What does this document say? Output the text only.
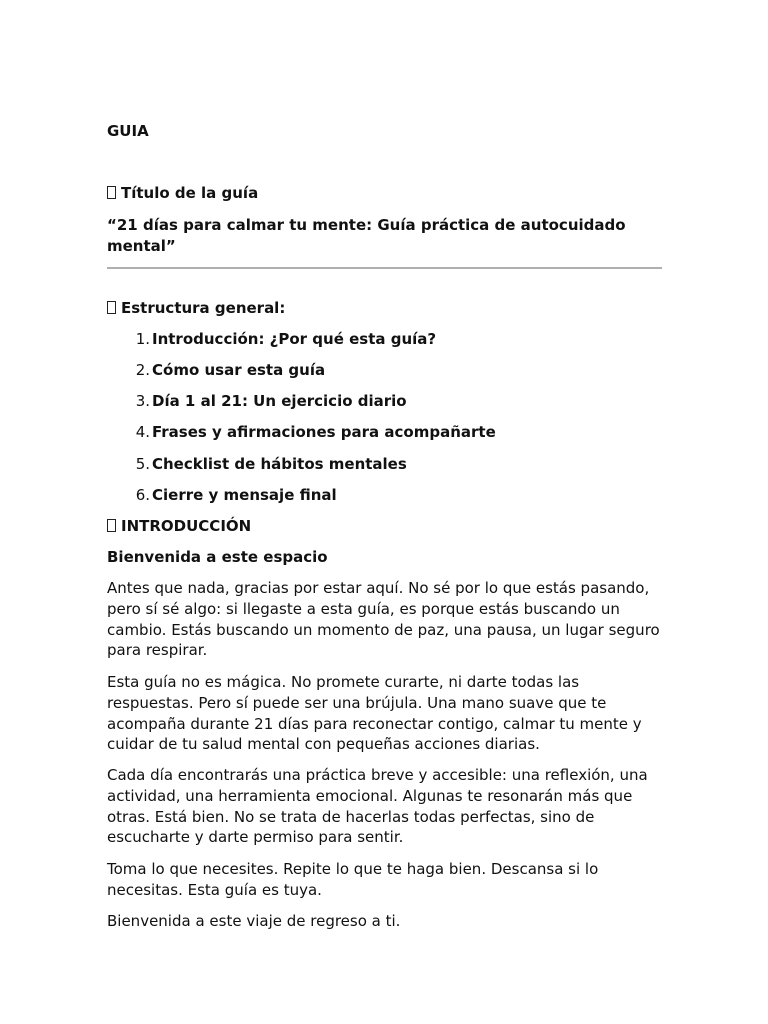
GUIA

Título de la guía

“21 días para calmar tu mente: Guía práctica de autocuidado mental”

Estructura general:

1. Introducción: ¿Por qué esta guía?
2. Cómo usar esta guía
3. Día 1 al 21: Un ejercicio diario
4. Frases y afirmaciones para acompañarte
5. Checklist de hábitos mentales
6. Cierre y mensaje final

INTRODUCCIÓN

Bienvenida a este espacio

Antes que nada, gracias por estar aquí. No sé por lo que estás pasando, pero sí sé algo: si llegaste a esta guía, es porque estás buscando un cambio. Estás buscando un momento de paz, una pausa, un lugar seguro para respirar.

Esta guía no es mágica. No promete curarte, ni darte todas las respuestas. Pero sí puede ser una brújula. Una mano suave que te acompaña durante 21 días para reconectar contigo, calmar tu mente y cuidar de tu salud mental con pequeñas acciones diarias.

Cada día encontrarás una práctica breve y accesible: una reflexión, una actividad, una herramienta emocional. Algunas te resonarán más que otras. Está bien. No se trata de hacerlas todas perfectas, sino de escucharte y darte permiso para sentir.

Toma lo que necesites. Repite lo que te haga bien. Descansa si lo necesitas. Esta guía es tuya.

Bienvenida a este viaje de regreso a ti.
